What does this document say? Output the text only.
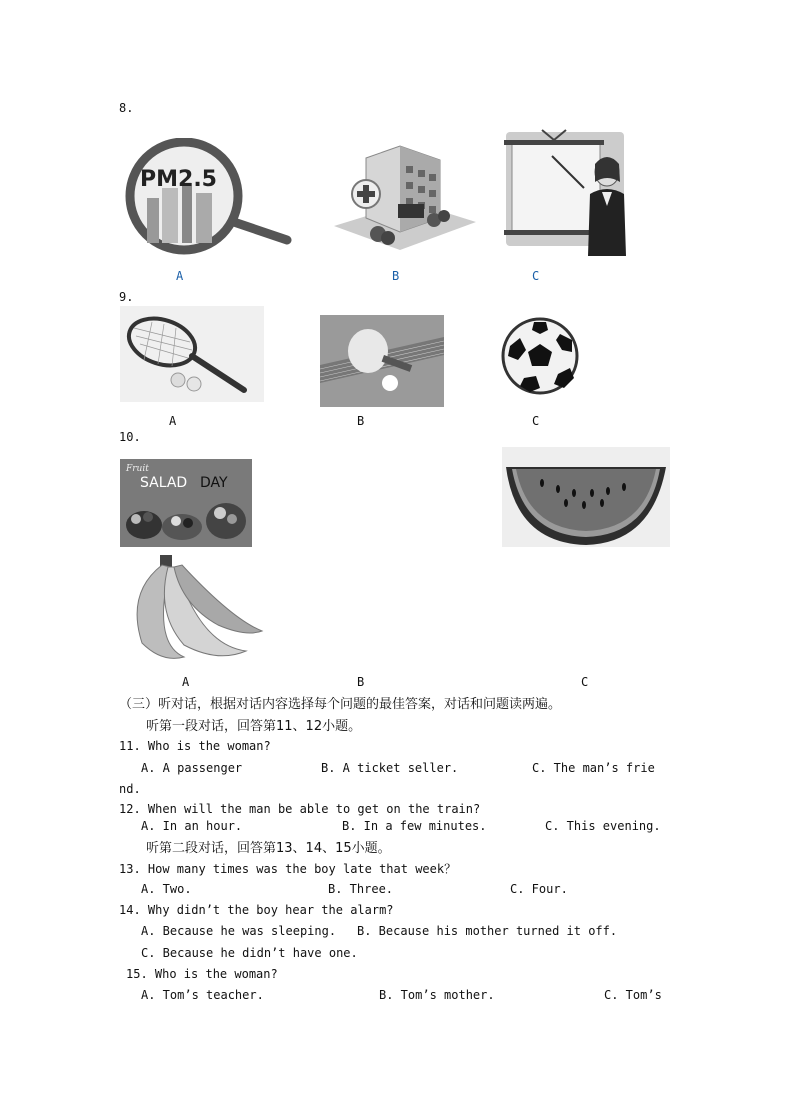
8.
PM2.5
A	B	C
9.
A	B	C
10.
Fruit
SALAD DAY
A	B	C
（三）听对话，根据对话内容选择每个问题的最佳答案，对话和问题读两遍。
听第一段对话，回答第11、12小题。
11. Who is the woman?
A. A passenger	B. A ticket seller.	C. The man’s frie
nd.
12. When will the man be able to get on the train?
A. In an hour.	B. In a few minutes.	C. This evening.
听第二段对话，回答第13、14、15小题。
13. How many times was the boy late that week？
A. Two.	B. Three.	C. Four.
14. Why didn’t the boy hear the alarm?
A. Because he was sleeping. B. Because his mother turned it off.
C. Because he didn’t have one.
15. Who is the woman?
A. Tom’s teacher.	B. Tom’s mother.	C. Tom’s
